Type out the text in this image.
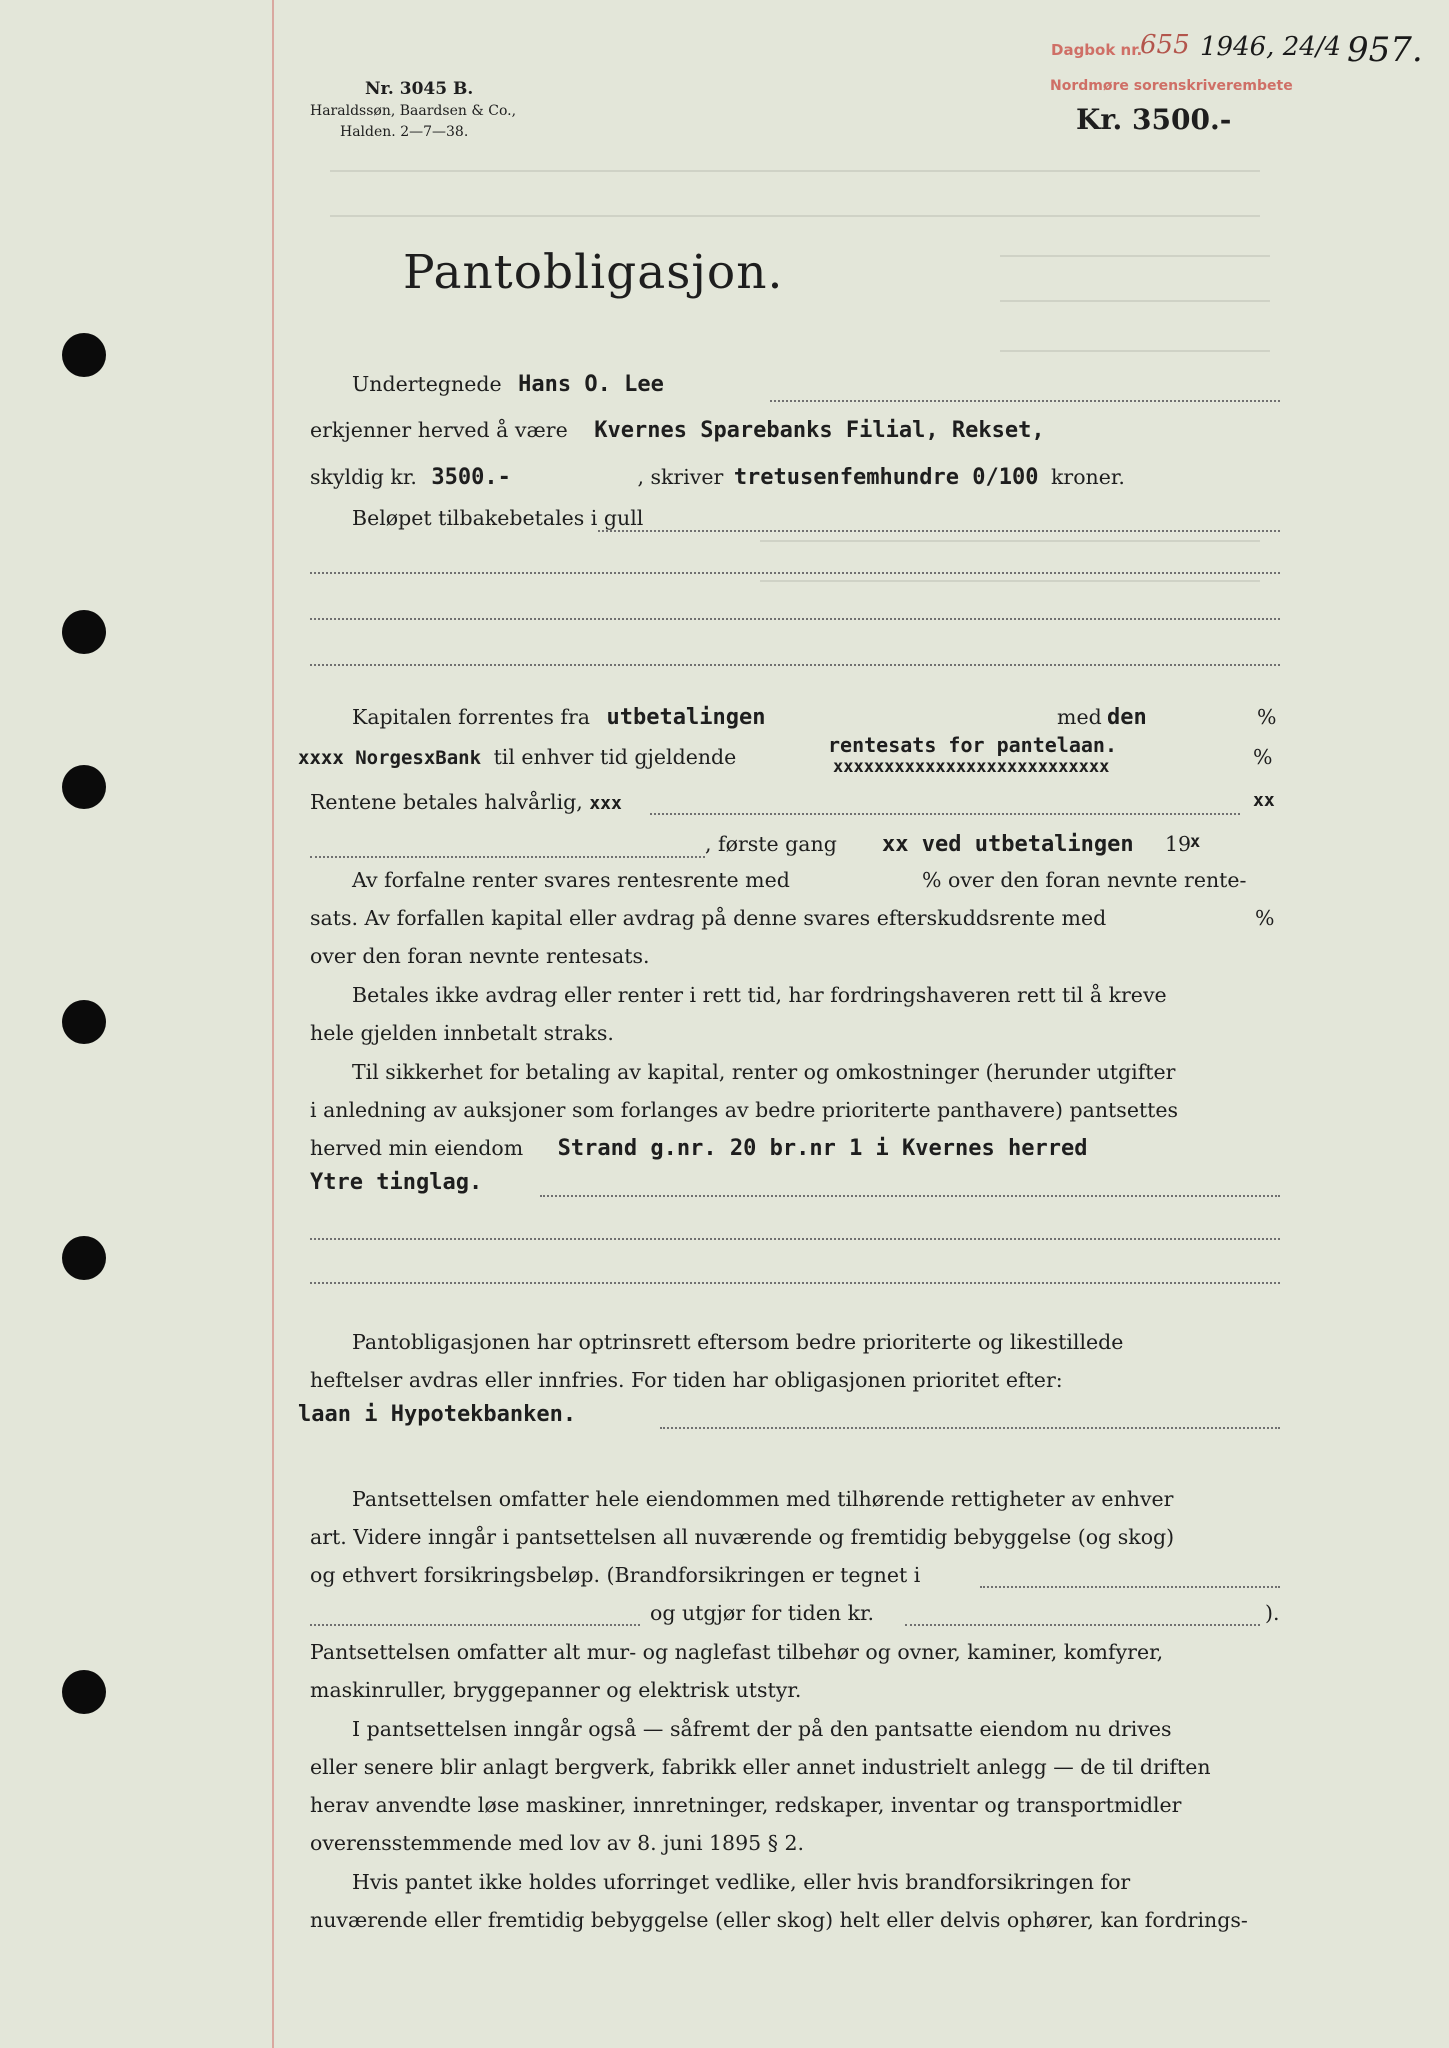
Nr. 3045 B.
Haraldssøn, Baardsen & Co.,
Halden. 2—7—38.
Dagbok nr.
Nordmøre sorenskriverembete
655 1946, 24/4 957.
Kr. 3500.-
Pantobligasjon.
Undertegnede Hans O. Lee
erkjenner herved å være Kvernes Sparebanks Filial, Rekset,
skyldig kr. 3500.-	, skriver tretusenfemhundre 0/100 kroner.
Beløpet tilbakebetales i gull
Kapitalen forrentes fra utbetalingen	med den	%
xxxx NorgesxBank til enhver tid gjeldende	rentesats for pantelaan.
xxxxxxxxxxxxxxxxxxxxxxxxxxx	%
Rentene betales halvårlig, xxx	xx
, første gang xx ved utbetalingen 19
x
Av forfalne renter svares rentesrente med	% over den foran nevnte rente-
sats. Av forfallen kapital eller avdrag på denne svares efterskuddsrente med	%
over den foran nevnte rentesats.
Betales ikke avdrag eller renter i rett tid, har fordringshaveren rett til å kreve
hele gjelden innbetalt straks.
Til sikkerhet for betaling av kapital, renter og omkostninger (herunder utgifter
i anledning av auksjoner som forlanges av bedre prioriterte panthavere) pantsettes
herved min eiendom Strand g.nr. 20 br.nr 1 i Kvernes herred
Ytre tinglag.
Pantobligasjonen har optrinsrett eftersom bedre prioriterte og likestillede
heftelser avdras eller innfries. For tiden har obligasjonen prioritet efter:
laan i Hypotekbanken.
Pantsettelsen omfatter hele eiendommen med tilhørende rettigheter av enhver
art. Videre inngår i pantsettelsen all nuværende og fremtidig bebyggelse (og skog)
og ethvert forsikringsbeløp. (Brandforsikringen er tegnet i
og utgjør for tiden kr.	).
Pantsettelsen omfatter alt mur- og naglefast tilbehør og ovner, kaminer, komfyrer,
maskinruller, bryggepanner og elektrisk utstyr.
I pantsettelsen inngår også — såfremt der på den pantsatte eiendom nu drives
eller senere blir anlagt bergverk, fabrikk eller annet industrielt anlegg — de til driften
herav anvendte løse maskiner, innretninger, redskaper, inventar og transportmidler
overensstemmende med lov av 8. juni 1895 § 2.
Hvis pantet ikke holdes uforringet vedlike, eller hvis brandforsikringen for
nuværende eller fremtidig bebyggelse (eller skog) helt eller delvis ophører, kan fordrings-
